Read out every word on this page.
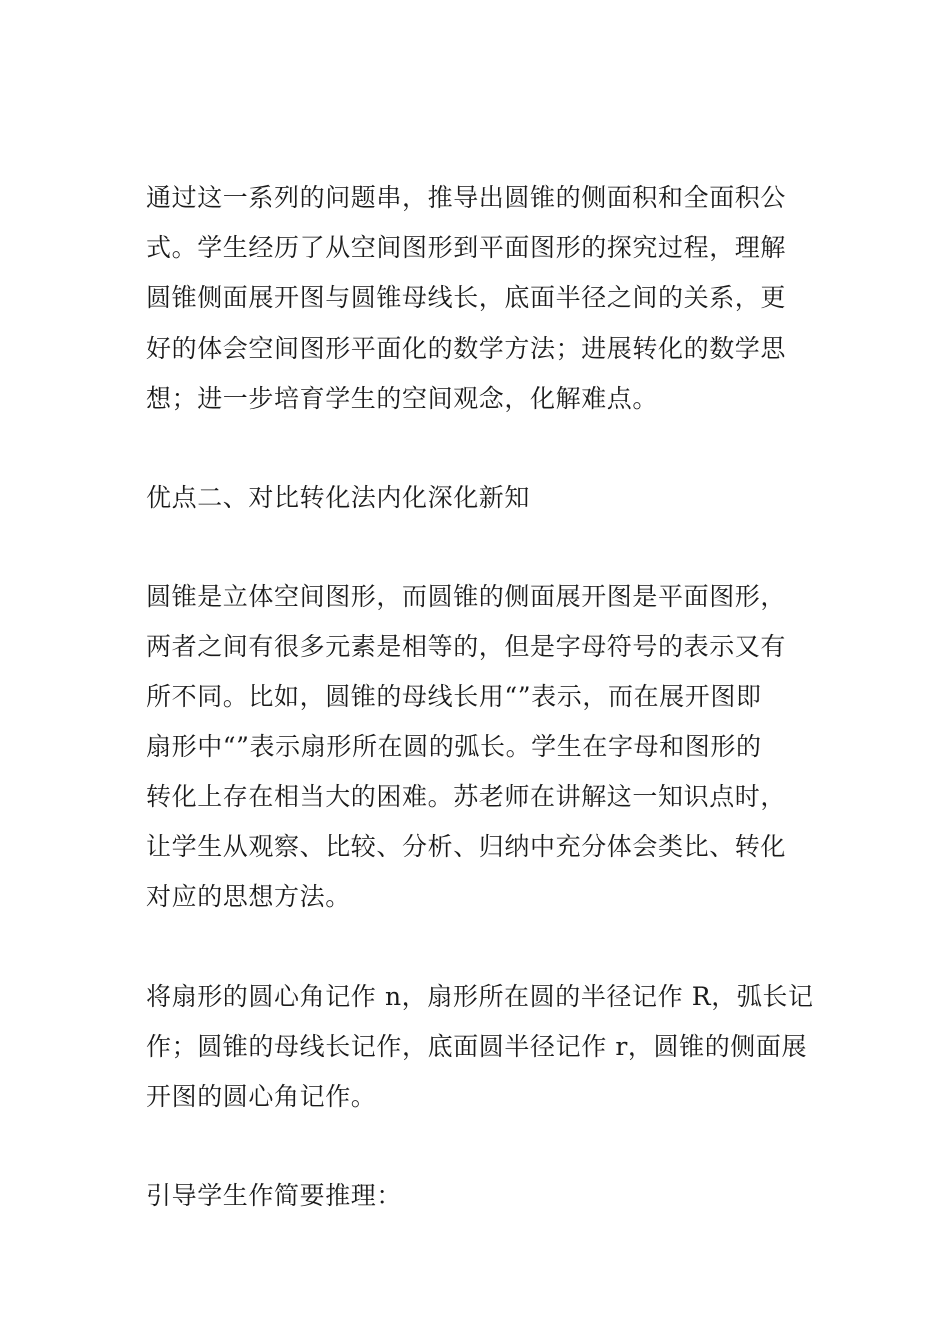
通过这一系列的问题串，推导出圆锥的侧面积和全面积公
式。学生经历了从空间图形到平面图形的探究过程，理解
圆锥侧面展开图与圆锥母线长，底面半径之间的关系，更
好的体会空间图形平面化的数学方法；进展转化的数学思
想；进一步培育学生的空间观念，化解难点。
优点二、对比转化法内化深化新知
圆锥是立体空间图形，而圆锥的侧面展开图是平面图形，
两者之间有很多元素是相等的，但是字母符号的表示又有
所不同。比如，圆锥的母线长用“”表示，而在展开图即
扇形中“”表示扇形所在圆的弧长。学生在字母和图形的
转化上存在相当大的困难。苏老师在讲解这一知识点时，
让学生从观察、比较、分析、归纳中充分体会类比、转化
对应的思想方法。
将扇形的圆心角记作 n，扇形所在圆的半径记作 R，弧长记
作；圆锥的母线长记作，底面圆半径记作 r，圆锥的侧面展
开图的圆心角记作。
引导学生作简要推理：
